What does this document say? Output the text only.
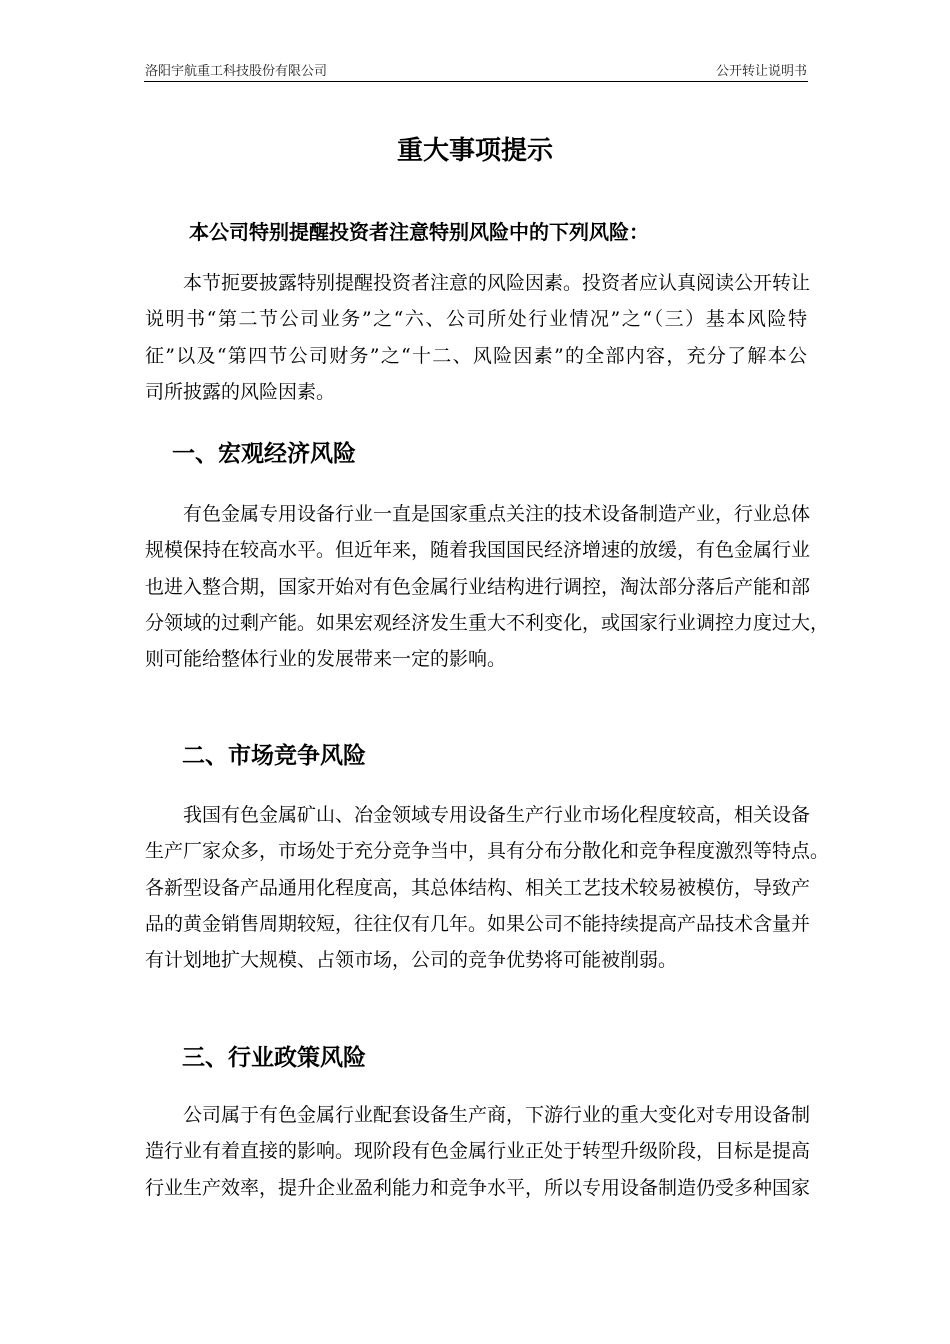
洛阳宇航重工科技股份有限公司	公开转让说明书
重大事项提示
本公司特别提醒投资者注意特别风险中的下列风险：
本节扼要披露特别提醒投资者注意的风险因素。投资者应认真阅读公开转让
说明书“第二节公司业务”之“六、公司所处行业情况”之“（三）基本风险特
征”以及“第四节公司财务”之“十二、风险因素”的全部内容，充分了解本公
司所披露的风险因素。
一、宏观经济风险
有色金属专用设备行业一直是国家重点关注的技术设备制造产业，行业总体
规模保持在较高水平。但近年来，随着我国国民经济增速的放缓，有色金属行业
也进入整合期，国家开始对有色金属行业结构进行调控，淘汰部分落后产能和部
分领域的过剩产能。如果宏观经济发生重大不利变化，或国家行业调控力度过大，
则可能给整体行业的发展带来一定的影响。
二、市场竞争风险
我国有色金属矿山、冶金领域专用设备生产行业市场化程度较高，相关设备
生产厂家众多，市场处于充分竞争当中，具有分布分散化和竞争程度激烈等特点。
各新型设备产品通用化程度高，其总体结构、相关工艺技术较易被模仿，导致产
品的黄金销售周期较短，往往仅有几年。如果公司不能持续提高产品技术含量并
有计划地扩大规模、占领市场，公司的竞争优势将可能被削弱。
三、行业政策风险
公司属于有色金属行业配套设备生产商，下游行业的重大变化对专用设备制
造行业有着直接的影响。现阶段有色金属行业正处于转型升级阶段，目标是提高
行业生产效率，提升企业盈利能力和竞争水平，所以专用设备制造仍受多种国家
